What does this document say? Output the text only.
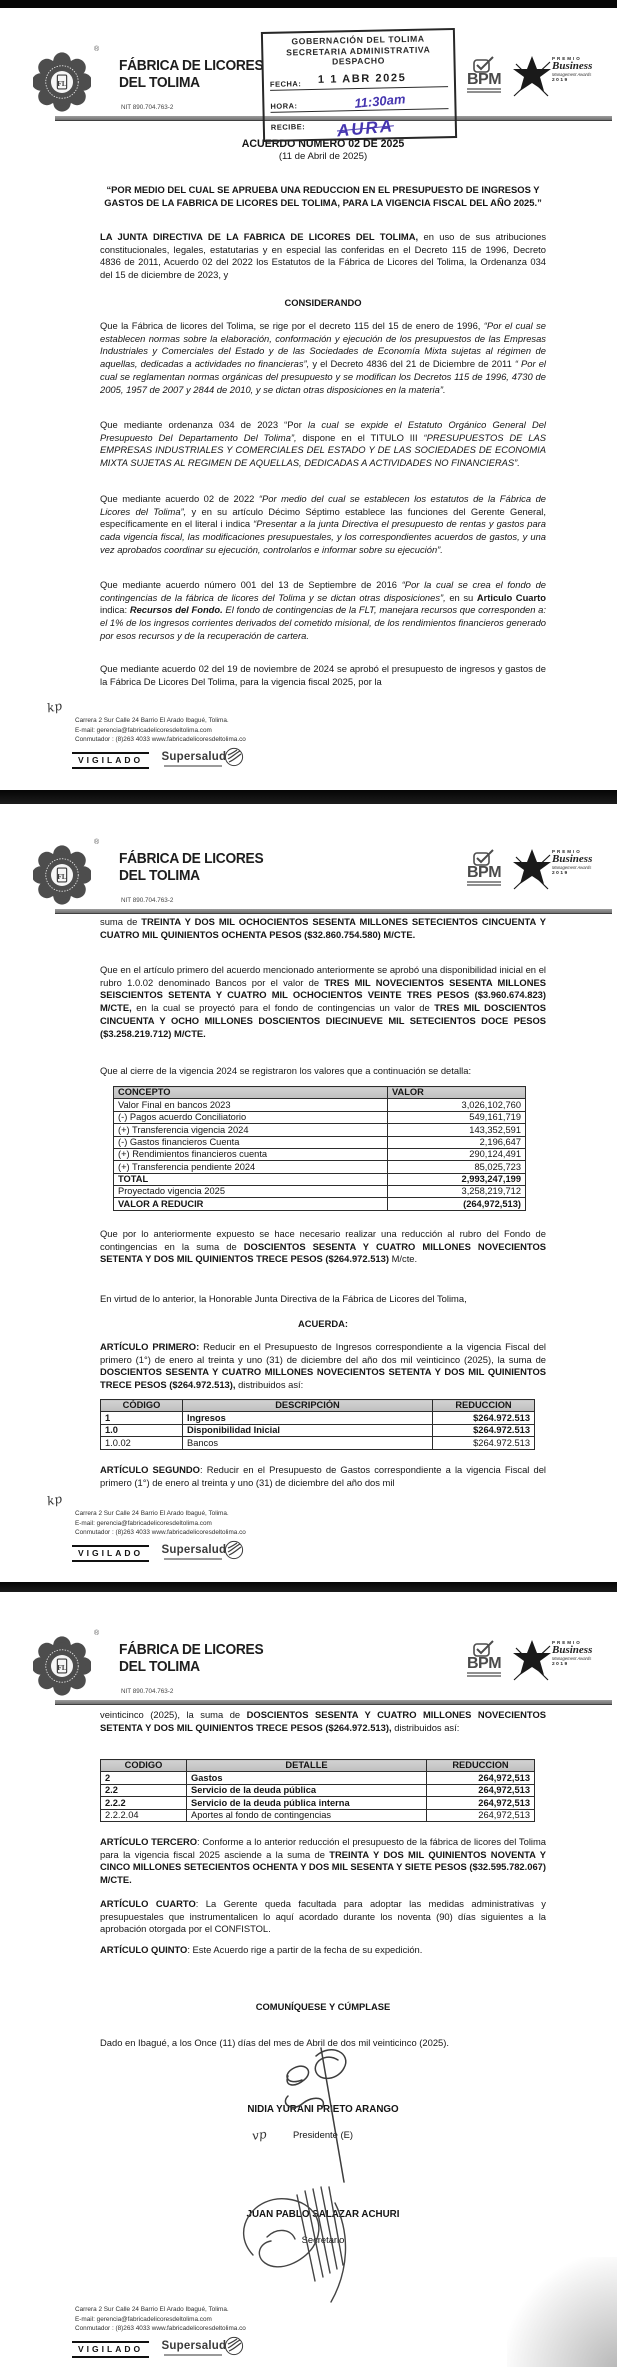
FL
®
FÁBRICA DE LICORES
DEL TOLIMA
NIT 890.704.763-2
BPM
PREMIO
Business
Management Awards
2019
GOBERNACIÓN DEL TOLIMA
SECRETARIA ADMINISTRATIVA
DESPACHO
FECHA: 1 1 ABR 2025
HORA:	11:30am
RECIBE: AURA
ACUERDO NUMERO 02 DE 2025
(11 de Abril de 2025)

“POR MEDIO DEL CUAL SE APRUEBA UNA REDUCCION EN EL PRESUPUESTO DE INGRESOS Y GASTOS DE LA FABRICA DE LICORES DEL TOLIMA, PARA LA VIGENCIA FISCAL DEL AÑO 2025.”

LA JUNTA DIRECTIVA DE LA FABRICA DE LICORES DEL TOLIMA, en uso de sus atribuciones constitucionales, legales, estatutarias y en especial las conferidas en el Decreto 115 de 1996, Decreto 4836 de 2011, Acuerdo 02 del 2022 los Estatutos de la Fábrica de Licores del Tolima, la Ordenanza 034 del 15 de diciembre de 2023, y

CONSIDERANDO

Que la Fábrica de licores del Tolima, se rige por el decreto 115 del 15 de enero de 1996, “Por el cual se establecen normas sobre la elaboración, conformación y ejecución de los presupuestos de las Empresas Industriales y Comerciales del Estado y de las Sociedades de Economía Mixta sujetas al régimen de aquellas, dedicadas a actividades no financieras”, y el Decreto 4836 del 21 de Diciembre de 2011 “ Por el cual se reglamentan normas orgánicas del presupuesto y se modifican los Decretos 115 de 1996, 4730 de 2005, 1957 de 2007 y 2844 de 2010, y se dictan otras disposiciones en la materia”.

Que mediante ordenanza 034 de 2023 “Por la cual se expide el Estatuto Orgánico General Del Presupuesto Del Departamento Del Tolima”, dispone en el TITULO III “PRESUPUESTOS DE LAS EMPRESAS INDUSTRIALES Y COMERCIALES DEL ESTADO Y DE LAS SOCIEDADES DE ECONOMIA MIXTA SUJETAS AL REGIMEN DE AQUELLAS, DEDICADAS A ACTIVIDADES NO FINANCIERAS”.

Que mediante acuerdo 02 de 2022 “Por medio del cual se establecen los estatutos de la Fábrica de Licores del Tolima”, y en su artículo Décimo Séptimo establece las funciones del Gerente General, específicamente en el literal i indica “Presentar a la junta Directiva el presupuesto de rentas y gastos para cada vigencia fiscal, las modificaciones presupuestales, y los correspondientes acuerdos de gastos, y una vez aprobados coordinar su ejecución, controlarlos e informar sobre su ejecución”.

Que mediante acuerdo número 001 del 13 de Septiembre de 2016 “Por la cual se crea el fondo de contingencias de la fábrica de licores del Tolima y se dictan otras disposiciones”, en su Articulo Cuarto indica: Recursos del Fondo. El fondo de contingencias de la FLT, manejara recursos que corresponden a: el 1% de los ingresos corrientes derivados del cometido misional, de los rendimientos financieros generado por esos recursos y de la recuperación de cartera.

Que mediante acuerdo 02 del 19 de noviembre de 2024 se aprobó el presupuesto de ingresos y gastos de la Fábrica De Licores Del Tolima, para la vigencia fiscal 2025, por la

kp
Carrera 2 Sur Calle 24 Barrio El Arado Ibagué, Tolima.
E-mail: gerencia@fabricadelicoresdeltolima.com
Conmutador : (8)263 4033 www.fabricadelicoresdeltolima.co
VIGILADO Supersalud
FL
®
FÁBRICA DE LICORES
DEL TOLIMA
NIT 890.704.763-2
BPM
PREMIO
Business
Management Awards
2019

suma de TREINTA Y DOS MIL OCHOCIENTOS SESENTA MILLONES SETECIENTOS CINCUENTA Y CUATRO MIL QUINIENTOS OCHENTA PESOS ($32.860.754.580) M/CTE.

Que en el artículo primero del acuerdo mencionado anteriormente se aprobó una disponibilidad inicial en el rubro 1.0.02 denominado Bancos por el valor de TRES MIL NOVECIENTOS SESENTA MILLONES SEISCIENTOS SETENTA Y CUATRO MIL OCHOCIENTOS VEINTE TRES PESOS ($3.960.674.823) M/CTE, en la cual se proyectó para el fondo de contingencias un valor de TRES MIL DOSCIENTOS CINCUENTA Y OCHO MILLONES DOSCIENTOS DIECINUEVE MIL SETECIENTOS DOCE PESOS ($3.258.219.712) M/CTE.

Que al cierre de la vigencia 2024 se registraron los valores que a continuación se detalla:

CONCEPTO	VALOR
Valor Final en bancos 2023	3,026,102,760
(-) Pagos acuerdo Conciliatorio	549,161,719
(+) Transferencia vigencia 2024	143,352,591
(-) Gastos financieros Cuenta	2,196,647
(+) Rendimientos financieros cuenta	290,124,491
(+) Transferencia pendiente 2024	85,025,723
TOTAL	2,993,247,199
Proyectado vigencia 2025	3,258,219,712
VALOR A REDUCIR	(264,972,513)

Que por lo anteriormente expuesto se hace necesario realizar una reducción al rubro del Fondo de contingencias en la suma de DOSCIENTOS SESENTA Y CUATRO MILLONES NOVECIENTOS SETENTA Y DOS MIL QUINIENTOS TRECE PESOS ($264.972.513) M/cte.

En virtud de lo anterior, la Honorable Junta Directiva de la Fábrica de Licores del Tolima,

ACUERDA:

ARTÍCULO PRIMERO: Reducir en el Presupuesto de Ingresos correspondiente a la vigencia Fiscal del primero (1°) de enero al treinta y uno (31) de diciembre del año dos mil veinticinco (2025), la suma de DOSCIENTOS SESENTA Y CUATRO MILLONES NOVECIENTOS SETENTA Y DOS MIL QUINIENTOS TRECE PESOS ($264.972.513), distribuidos así:

CÓDIGO	DESCRIPCIÓN	REDUCCION
1	Ingresos	$264.972.513
1.0	Disponibilidad Inicial	$264.972.513
1.0.02	Bancos	$264.972.513

ARTÍCULO SEGUNDO: Reducir en el Presupuesto de Gastos correspondiente a la vigencia Fiscal del primero (1°) de enero al treinta y uno (31) de diciembre del año dos mil

kp
Carrera 2 Sur Calle 24 Barrio El Arado Ibagué, Tolima.
E-mail: gerencia@fabricadelicoresdeltolima.com
Conmutador : (8)263 4033 www.fabricadelicoresdeltolima.co
VIGILADO Supersalud
FL
®
FÁBRICA DE LICORES
DEL TOLIMA
NIT 890.704.763-2
BPM
PREMIO
Business
Management Awards
2019

veinticinco (2025), la suma de DOSCIENTOS SESENTA Y CUATRO MILLONES NOVECIENTOS SETENTA Y DOS MIL QUINIENTOS TRECE PESOS ($264.972.513), distribuidos así:

CODIGO	DETALLE	REDUCCION
2	Gastos	264,972,513
2.2	Servicio de la deuda pública	264,972,513
2.2.2	Servicio de la deuda pública interna	264,972,513
2.2.2.04	Aportes al fondo de contingencias	264,972,513

ARTÍCULO TERCERO: Conforme a lo anterior reducción el presupuesto de la fábrica de licores del Tolima para la vigencia fiscal 2025 asciende a la suma de TREINTA Y DOS MIL QUINIENTOS NOVENTA Y CINCO MILLONES SETECIENTOS OCHENTA Y DOS MIL SESENTA Y SIETE PESOS ($32.595.782.067) M/CTE.

ARTÍCULO CUARTO: La Gerente queda facultada para adoptar las medidas administrativas y presupuestales que instrumentalicen lo aquí acordado durante los noventa (90) días siguientes a la aprobación otorgada por el CONFISTOL.

ARTÍCULO QUINTO: Este Acuerdo rige a partir de la fecha de su expedición.

COMUNÍQUESE Y CÚMPLASE

Dado en Ibagué, a los Once (11) días del mes de Abril de dos mil veinticinco (2025).

NIDIA YURANI PRIETO ARANGO

vp	Presidente (E)

JUAN PABLO SALAZAR ACHURI

Secretario

Carrera 2 Sur Calle 24 Barrio El Arado Ibagué, Tolima.
E-mail: gerencia@fabricadelicoresdeltolima.com
Conmutador : (8)263 4033 www.fabricadelicoresdeltolima.co
VIGILADO Supersalud
